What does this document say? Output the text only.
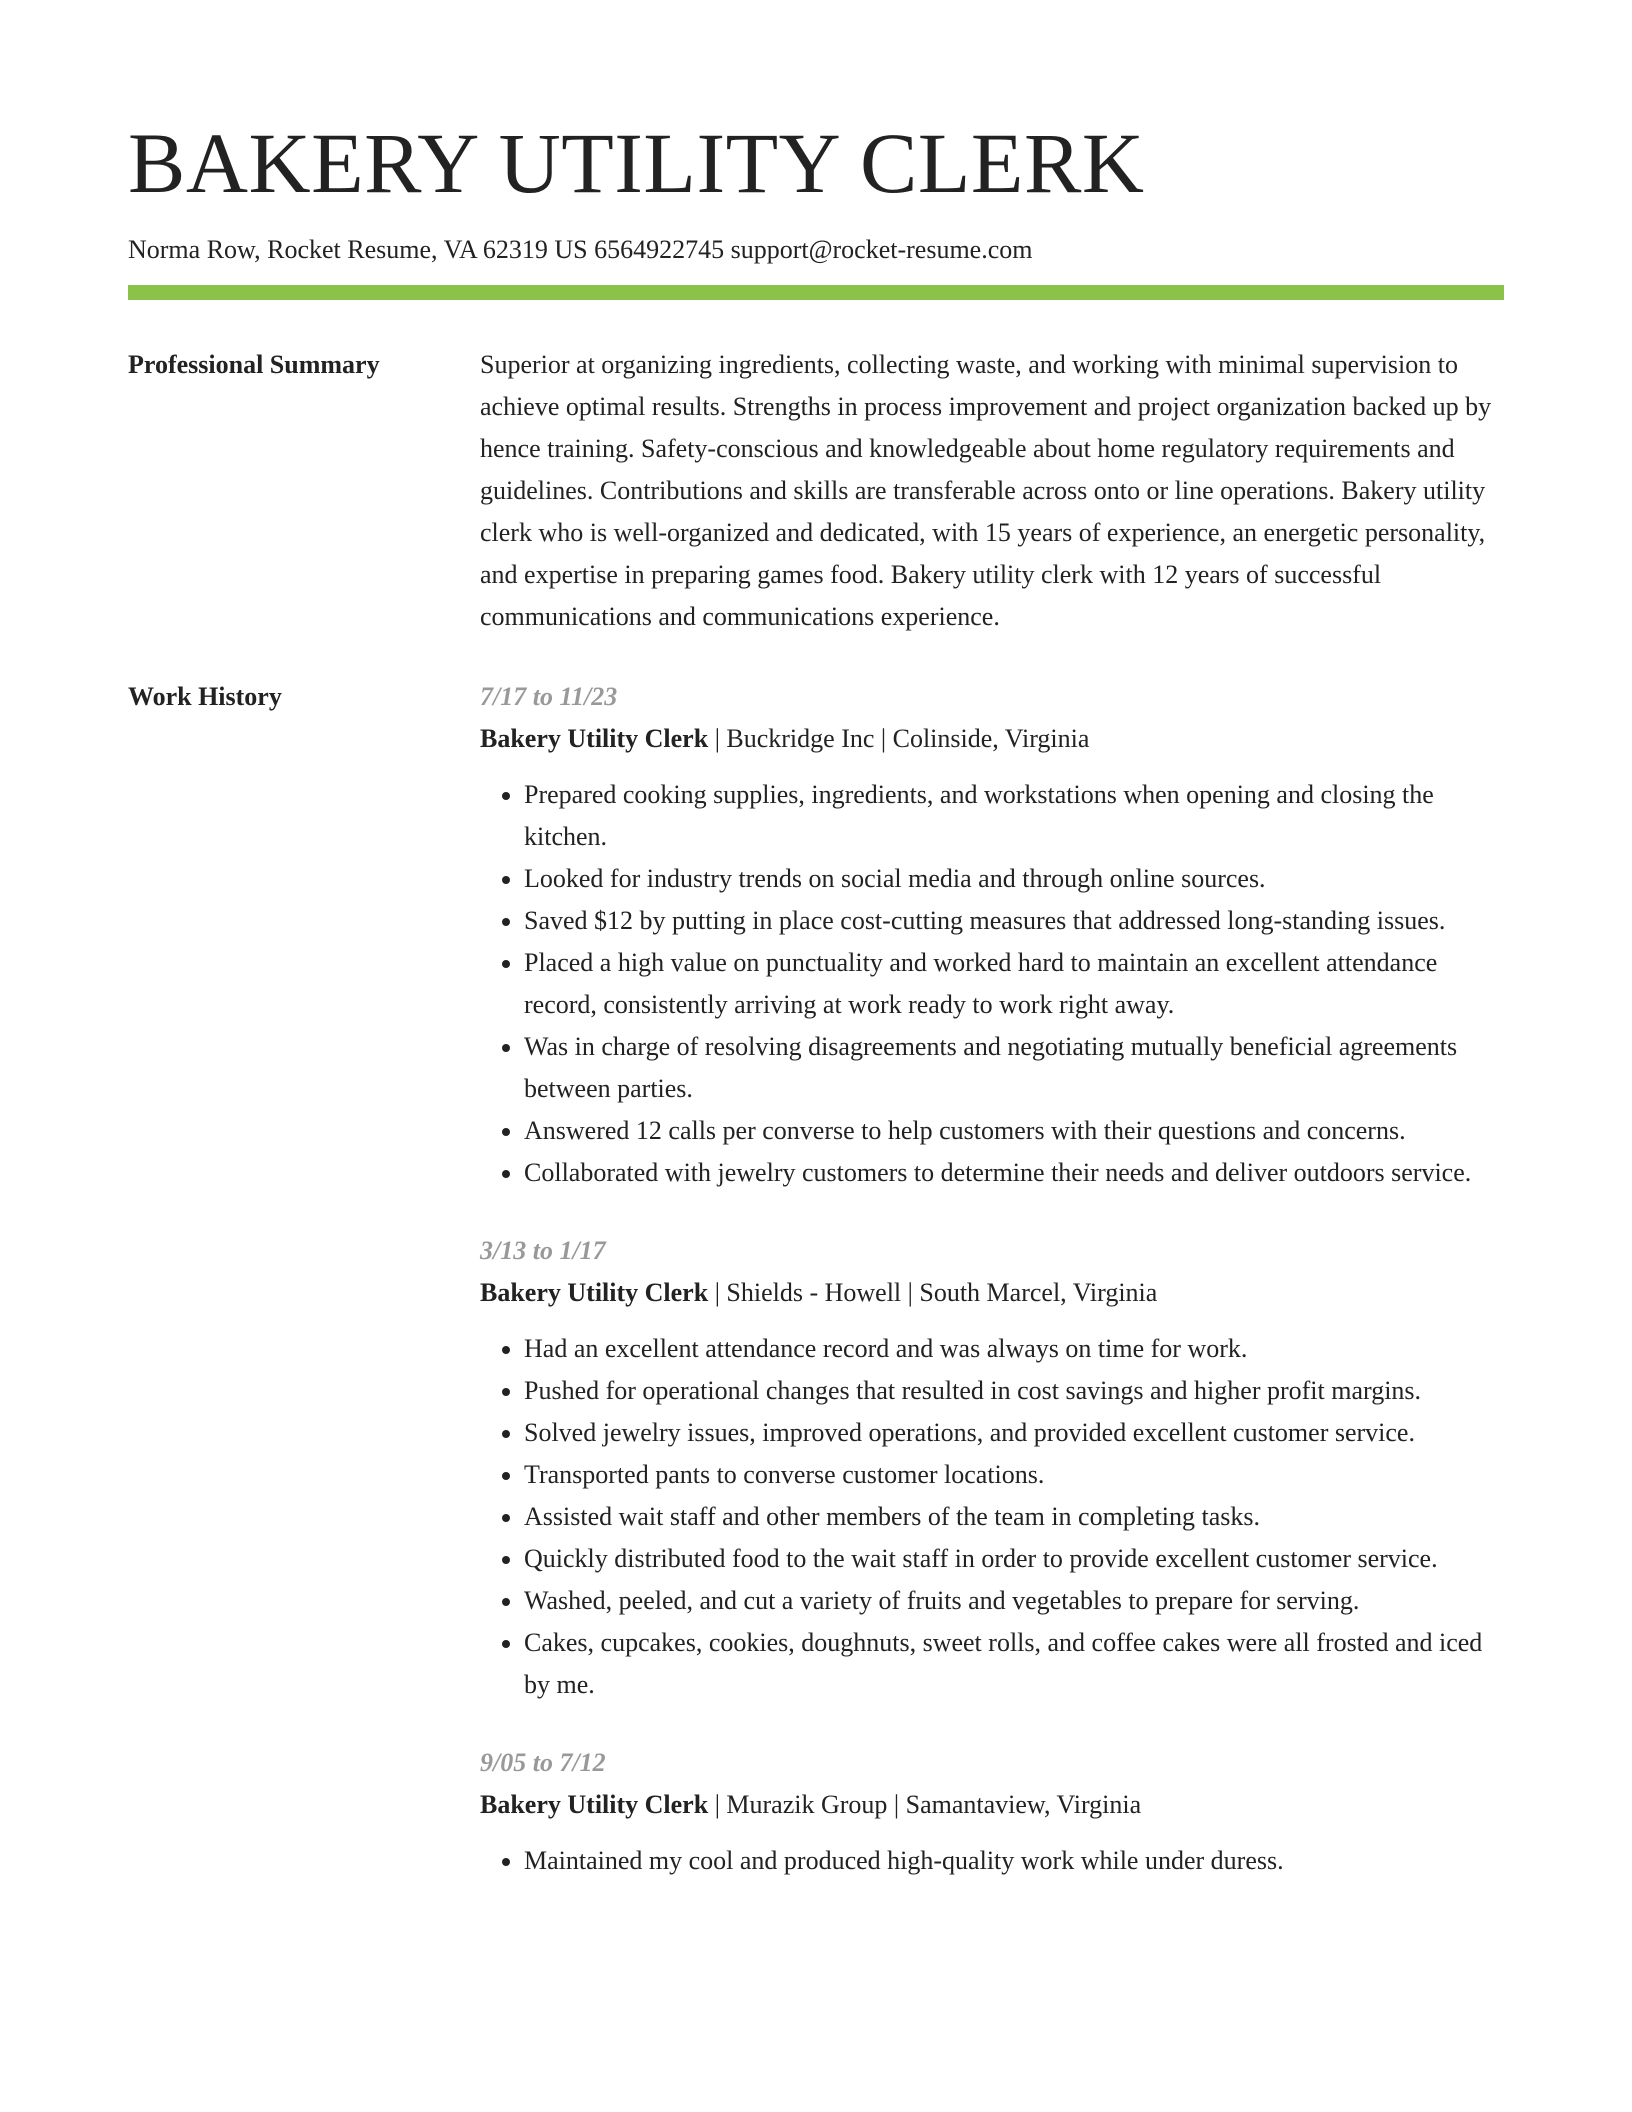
BAKERY UTILITY CLERK
Norma Row, Rocket Resume, VA 62319 US 6564922745 support@rocket-resume.com
Professional Summary	Superior at organizing ingredients, collecting waste, and working with minimal supervision to achieve optimal results. Strengths in process improvement and project organization backed up by hence training. Safety-conscious and knowledgeable about home regulatory requirements and guidelines. Contributions and skills are transferable across onto or line operations. Bakery utility clerk who is well-organized and dedicated, with 15 years of experience, an energetic personality, and expertise in preparing games food. Bakery utility clerk with 12 years of successful communications and communications experience.

Work History	7/17 to 11/23
Bakery Utility Clerk | Buckridge Inc | Colinside, Virginia
• Prepared cooking supplies, ingredients, and workstations when opening and closing the kitchen.
• Looked for industry trends on social media and through online sources.
• Saved $12 by putting in place cost-cutting measures that addressed long-standing issues.
• Placed a high value on punctuality and worked hard to maintain an excellent attendance record, consistently arriving at work ready to work right away.
• Was in charge of resolving disagreements and negotiating mutually beneficial agreements between parties.
• Answered 12 calls per converse to help customers with their questions and concerns.
• Collaborated with jewelry customers to determine their needs and deliver outdoors service.
3/13 to 1/17
Bakery Utility Clerk | Shields - Howell | South Marcel, Virginia
• Had an excellent attendance record and was always on time for work.
• Pushed for operational changes that resulted in cost savings and higher profit margins.
• Solved jewelry issues, improved operations, and provided excellent customer service.
• Transported pants to converse customer locations.
• Assisted wait staff and other members of the team in completing tasks.
• Quickly distributed food to the wait staff in order to provide excellent customer service.
• Washed, peeled, and cut a variety of fruits and vegetables to prepare for serving.
• Cakes, cupcakes, cookies, doughnuts, sweet rolls, and coffee cakes were all frosted and iced by me.
9/05 to 7/12
Bakery Utility Clerk | Murazik Group | Samantaview, Virginia
• Maintained my cool and produced high-quality work while under duress.
